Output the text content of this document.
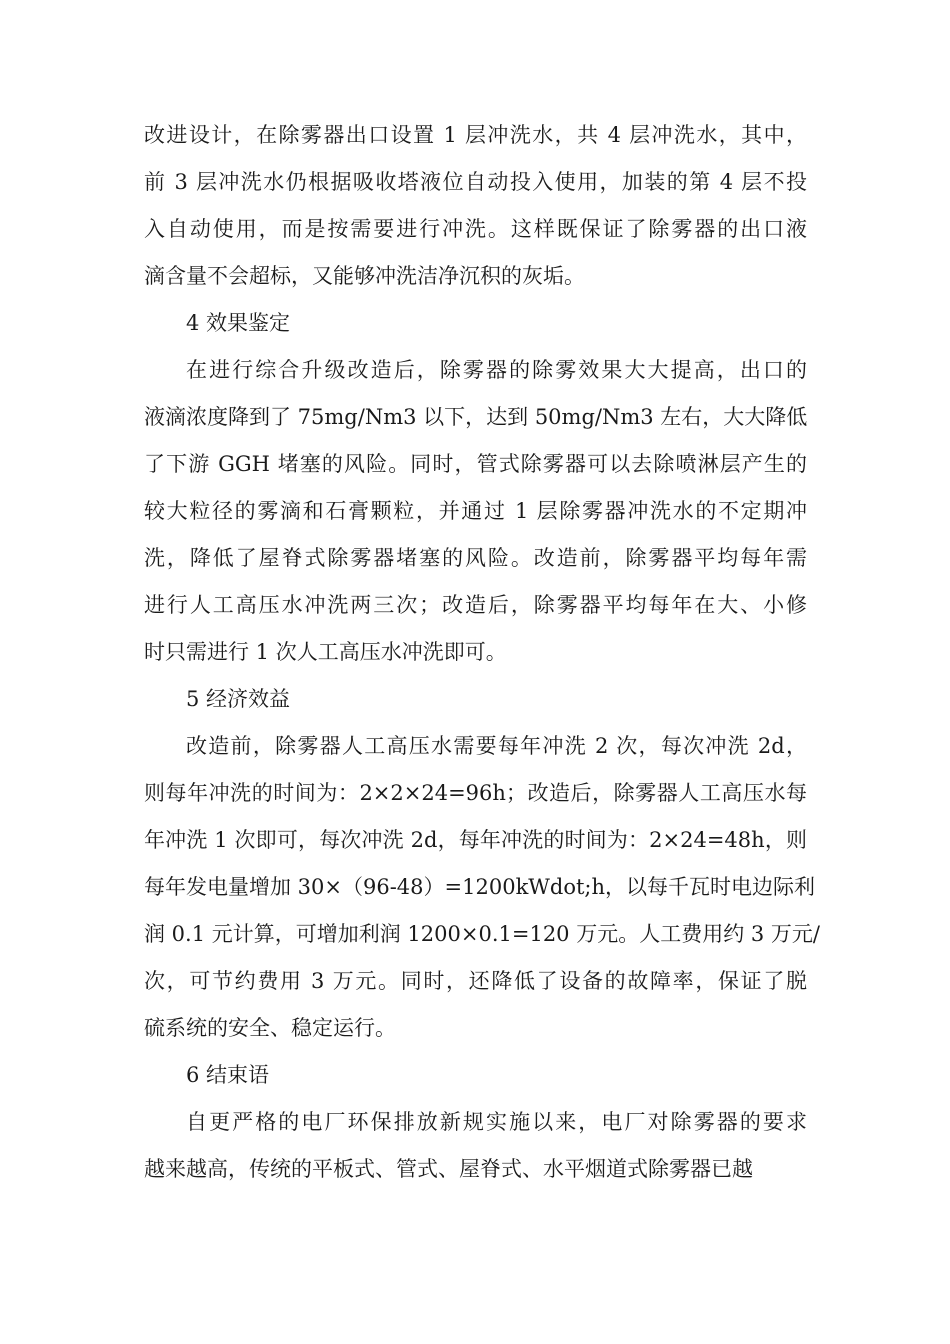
改进设计，在除雾器出口设置 1 层冲洗水，共 4 层冲洗水，其中，
前 3 层冲洗水仍根据吸收塔液位自动投入使用，加装的第 4 层不投
入自动使用，而是按需要进行冲洗。这样既保证了除雾器的出口液
滴含量不会超标，又能够冲洗洁净沉积的灰垢。

4 效果鉴定

在进行综合升级改造后，除雾器的除雾效果大大提高，出口的
液滴浓度降到了 75mg/Nm3 以下，达到 50mg/Nm3 左右，大大降低
了下游 GGH 堵塞的风险。同时，管式除雾器可以去除喷淋层产生的
较大粒径的雾滴和石膏颗粒，并通过 1 层除雾器冲洗水的不定期冲
洗，降低了屋脊式除雾器堵塞的风险。改造前，除雾器平均每年需
进行人工高压水冲洗两三次；改造后，除雾器平均每年在大、小修
时只需进行 1 次人工高压水冲洗即可。

5 经济效益

改造前，除雾器人工高压水需要每年冲洗 2 次，每次冲洗 2d，
则每年冲洗的时间为：2×2×24=96h；改造后，除雾器人工高压水每
年冲洗 1 次即可，每次冲洗 2d，每年冲洗的时间为：2×24=48h，则
每年发电量增加 30×（96-48）=1200kWdot;h，以每千瓦时电边际利
润 0.1 元计算，可增加利润 1200×0.1=120 万元。人工费用约 3 万元/
次，可节约费用 3 万元。同时，还降低了设备的故障率，保证了脱
硫系统的安全、稳定运行。

6 结束语

自更严格的电厂环保排放新规实施以来，电厂对除雾器的要求
越来越高，传统的平板式、管式、屋脊式、水平烟道式除雾器已越
